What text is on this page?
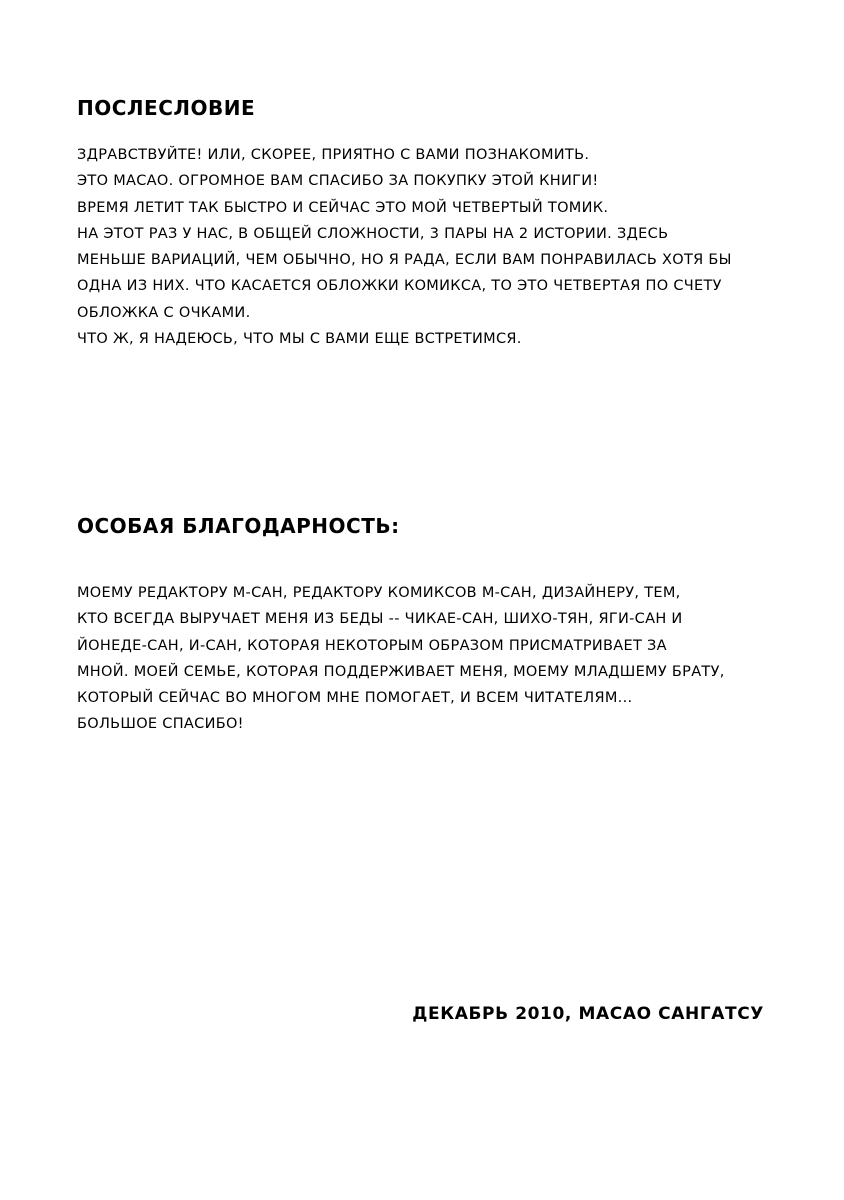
ПОСЛЕСЛОВИЕ

ЗДРАВСТВУЙТЕ! ИЛИ, СКОРЕЕ, ПРИЯТНО С ВАМИ ПОЗНАКОМИТЬ.

ЭТО МАСАО. ОГРОМНОЕ ВАМ СПАСИБО ЗА ПОКУПКУ ЭТОЙ КНИГИ!

ВРЕМЯ ЛЕТИТ ТАК БЫСТРО И СЕЙЧАС ЭТО МОЙ ЧЕТВЕРТЫЙ ТОМИК.

НА ЭТОТ РАЗ У НАС, В ОБЩЕЙ СЛОЖНОСТИ, 3 ПАРЫ НА 2 ИСТОРИИ. ЗДЕСЬ

МЕНЬШЕ ВАРИАЦИЙ, ЧЕМ ОБЫЧНО, НО Я РАДА, ЕСЛИ ВАМ ПОНРАВИЛАСЬ ХОТЯ БЫ

ОДНА ИЗ НИХ. ЧТО КАСАЕТСЯ ОБЛОЖКИ КОМИКСА, ТО ЭТО ЧЕТВЕРТАЯ ПО СЧЕТУ

ОБЛОЖКА С ОЧКАМИ.

ЧТО Ж, Я НАДЕЮСЬ, ЧТО МЫ С ВАМИ ЕЩЕ ВСТРЕТИМСЯ.

ОСОБАЯ БЛАГОДАРНОСТЬ:

МОЕМУ РЕДАКТОРУ М-САН, РЕДАКТОРУ КОМИКСОВ М-САН, ДИЗАЙНЕРУ, ТЕМ,

КТО ВСЕГДА ВЫРУЧАЕТ МЕНЯ ИЗ БЕДЫ -- ЧИКАЕ-САН, ШИХО-ТЯН, ЯГИ-САН И

ЙОНЕДЕ-САН, И-САН, КОТОРАЯ НЕКОТОРЫМ ОБРАЗОМ ПРИСМАТРИВАЕТ ЗА

МНОЙ. МОЕЙ СЕМЬЕ, КОТОРАЯ ПОДДЕРЖИВАЕТ МЕНЯ, МОЕМУ МЛАДШЕМУ БРАТУ,

КОТОРЫЙ СЕЙЧАС ВО МНОГОМ МНЕ ПОМОГАЕТ, И ВСЕМ ЧИТАТЕЛЯМ...

БОЛЬШОЕ СПАСИБО!

ДЕКАБРЬ 2010, МАСАО САНГАТСУ
